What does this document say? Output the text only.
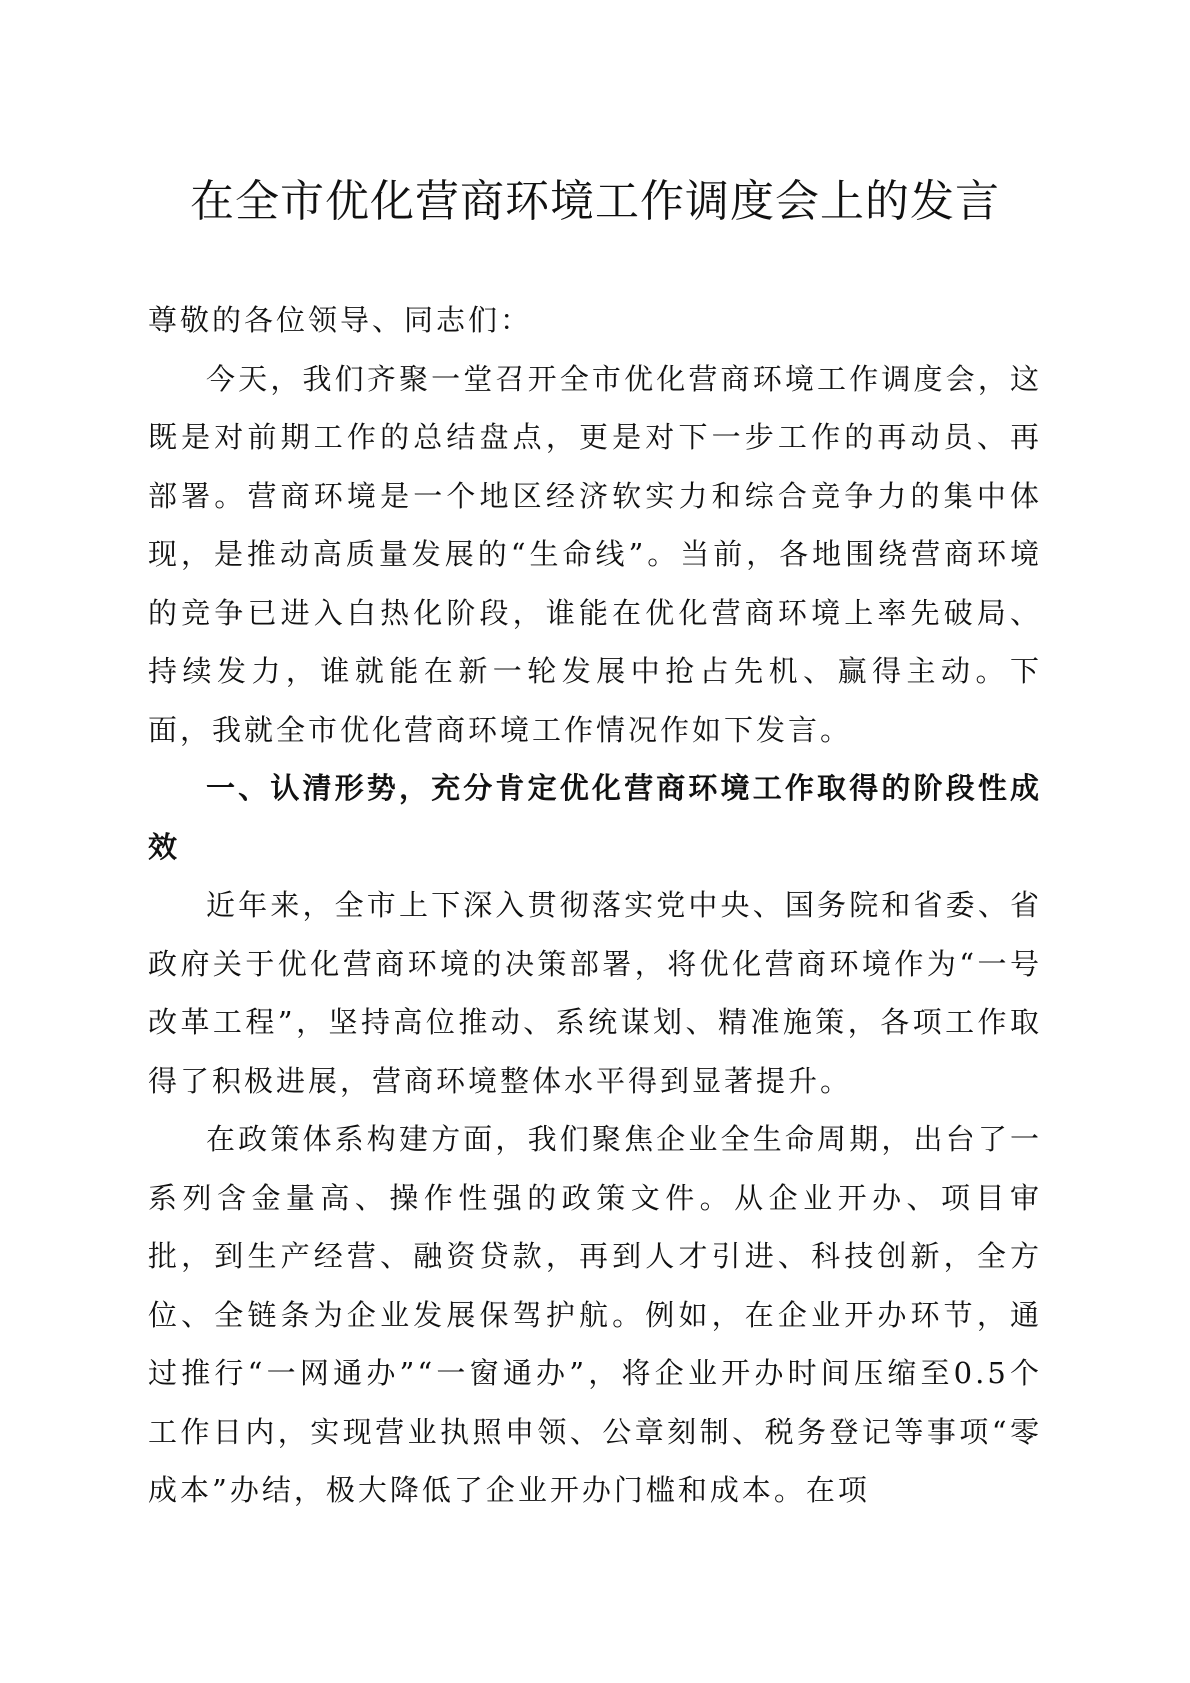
在全市优化营商环境工作调度会上的发言

尊敬的各位领导、同志们：

今天，我们齐聚一堂召开全市优化营商环境工作调度会，这既是对前期工作的总结盘点，更是对下一步工作的再动员、再部署。营商环境是一个地区经济软实力和综合竞争力的集中体现，是推动高质量发展的“生命线”。当前，各地围绕营商环境的竞争已进入白热化阶段，谁能在优化营商环境上率先破局、持续发力，谁就能在新一轮发展中抢占先机、赢得主动。下面，我就全市优化营商环境工作情况作如下发言。

一、认清形势，充分肯定优化营商环境工作取得的阶段性成效

近年来，全市上下深入贯彻落实党中央、国务院和省委、省政府关于优化营商环境的决策部署，将优化营商环境作为“一号改革工程”，坚持高位推动、系统谋划、精准施策，各项工作取得了积极进展，营商环境整体水平得到显著提升。

在政策体系构建方面，我们聚焦企业全生命周期，出台了一系列含金量高、操作性强的政策文件。从企业开办、项目审批，到生产经营、融资贷款，再到人才引进、科技创新，全方位、全链条为企业发展保驾护航。例如，在企业开办环节，通过推行“一网通办”“一窗通办”，将企业开办时间压缩至0.5个工作日内，实现营业执照申领、公章刻制、税务登记等事项“零成本”办结，极大降低了企业开办门槛和成本。在项
